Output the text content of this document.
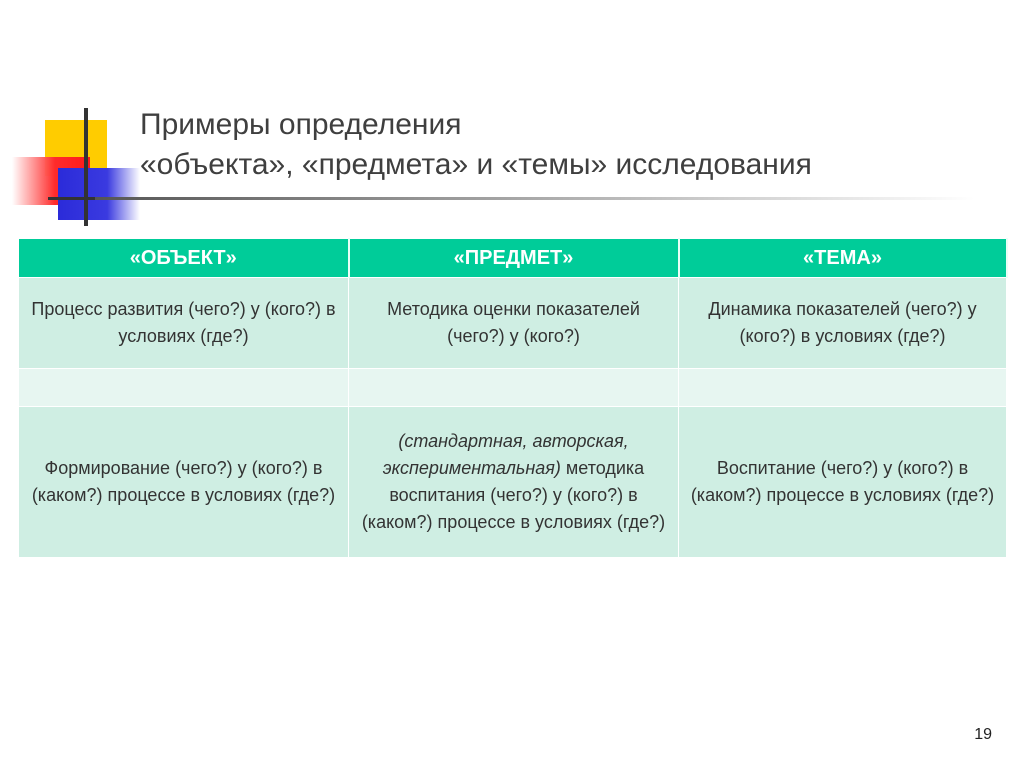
Примеры определения
«объекта», «предмета» и «темы» исследования
«ОБЪЕКТ»	«ПРЕДМЕТ»	«ТЕМА»
Процесс развития (чего?) у (кого?) в условиях (где?)	Методика оценки показателей (чего?) у (кого?)	Динамика показателей (чего?) у (кого?) в условиях (где?)

Формирование (чего?) у (кого?) в (каком?) процессе в условиях (где?)	(стандартная, авторская, экспериментальная) методика воспитания (чего?) у (кого?) в (каком?) процессе в условиях (где?)	Воспитание (чего?) у (кого?) в (каком?) процессе в условиях (где?)
19
